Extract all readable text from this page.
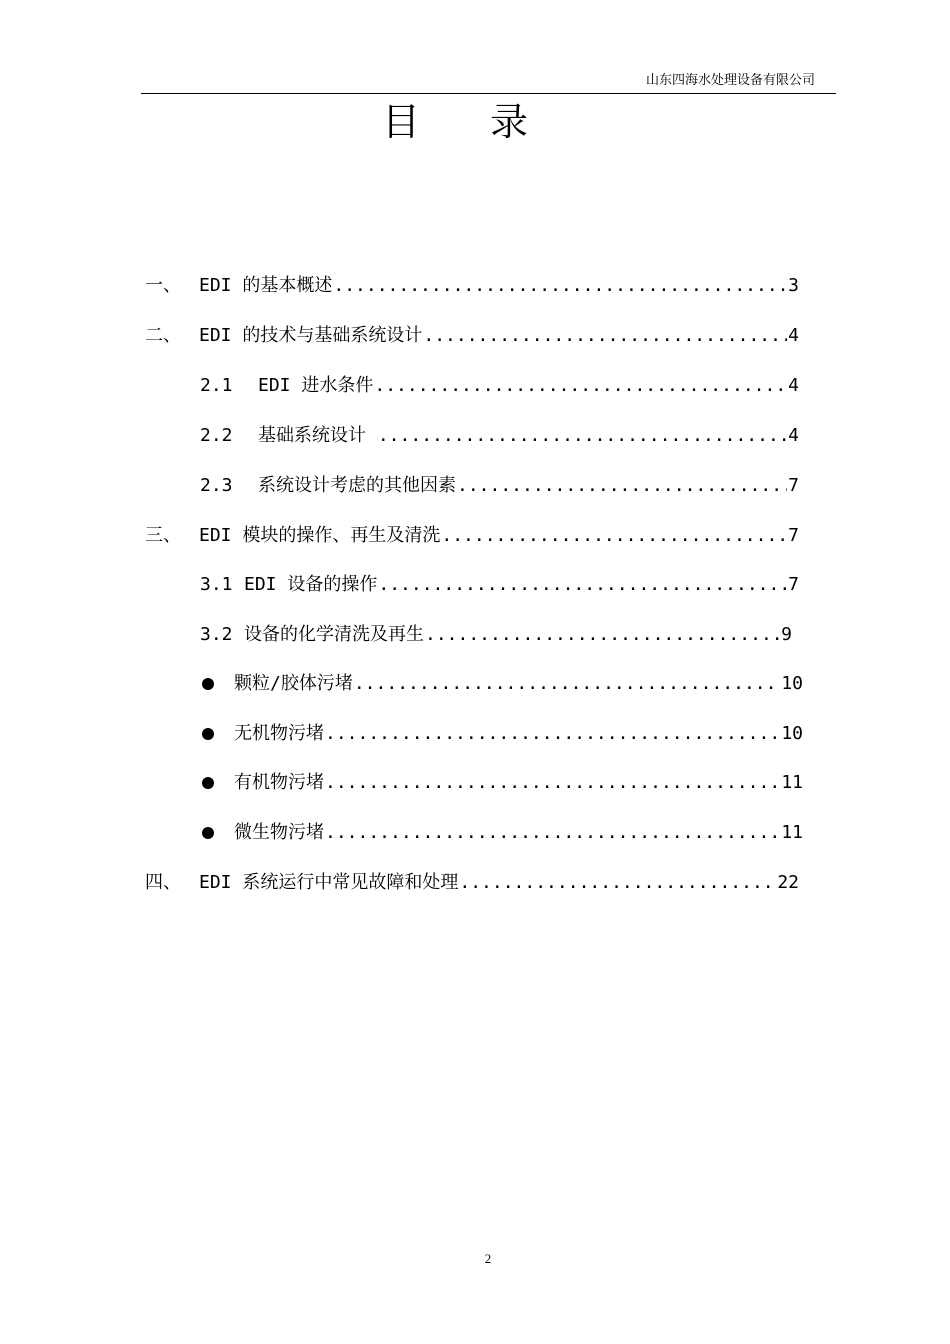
山东四海水处理设备有限公司
目录
一、	EDI 的基本概述 .....	3
二、	EDI 的技术与基础系统设计 .....	4
2.1	EDI 进水条件 .....	4
2.2	基础系统设计 .....	4
2.3	系统设计考虑的其他因素 .....	7
三、	EDI 模块的操作、再生及清洗 .....	7
3.1 EDI 设备的操作 .....	7
3.2 设备的化学清洗及再生 .....	9
颗粒/胶体污堵 .....	10
无机物污堵 .....	10
有机物污堵 .....	11
微生物污堵 .....	11
四、	EDI 系统运行中常见故障和处理 .....	22
2
